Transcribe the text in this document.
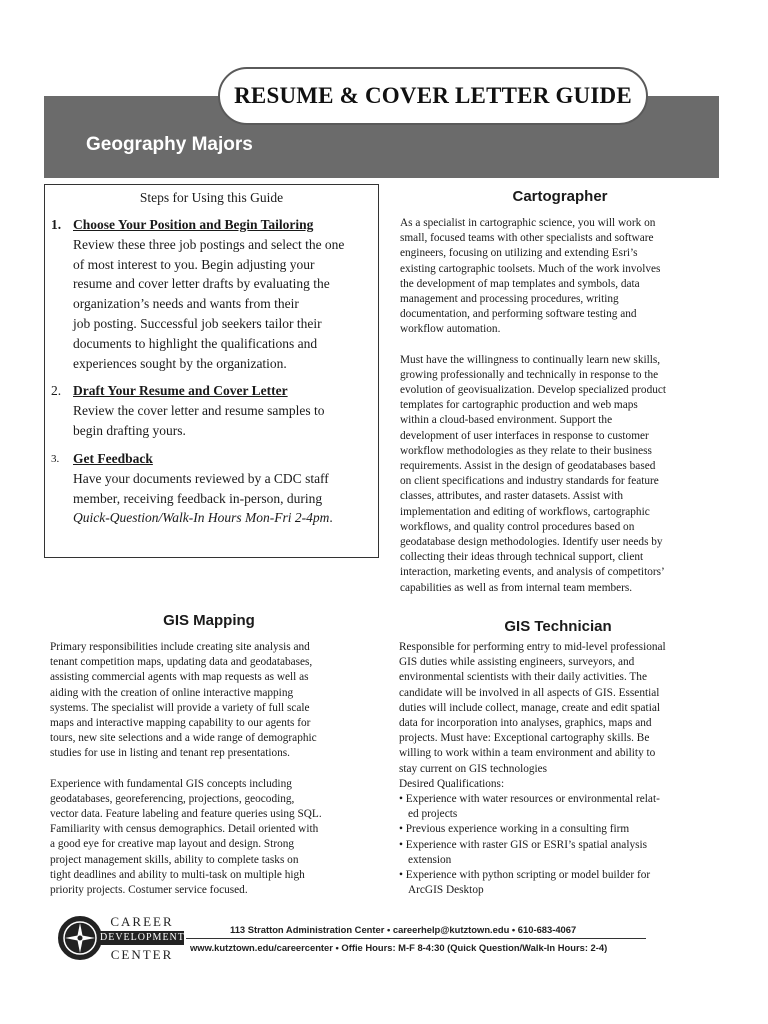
RESUME & COVER LETTER GUIDE
Geography Majors
Steps for Using this Guide
1. Choose Your Position and Begin Tailoring
Review these three job postings and select the one
of most interest to you. Begin adjusting your
resume and cover letter drafts by evaluating the
organization’s needs and wants from their
job posting. Successful job seekers tailor their
documents to highlight the qualifications and
experiences sought by the organization.
2. Draft Your Resume and Cover Letter
Review the cover letter and resume samples to
begin drafting yours.
3. Get Feedback
Have your documents reviewed by a CDC staff
member, receiving feedback in-person, during
Quick-Question/Walk-In Hours Mon-Fri 2-4pm.
Cartographer

As a specialist in cartographic science, you will work on
small, focused teams with other specialists and software
engineers, focusing on utilizing and extending Esri’s
existing cartographic toolsets. Much of the work involves
the development of map templates and symbols, data
management and processing procedures, writing
documentation, and performing software testing and
workflow automation.

Must have the willingness to continually learn new skills,
growing professionally and technically in response to the
evolution of geovisualization. Develop specialized product
templates for cartographic production and web maps
within a cloud-based environment. Support the
development of user interfaces in response to customer
workflow methodologies as they relate to their business
requirements. Assist in the design of geodatabases based
on client specifications and industry standards for feature
classes, attributes, and raster datasets. Assist with
implementation and editing of workflows, cartographic
workflows, and quality control procedures based on
geodatabase design methodologies. Identify user needs by
collecting their ideas through technical support, client
interaction, marketing events, and analysis of competitors’
capabilities as well as from internal team members.

GIS Mapping

Primary responsibilities include creating site analysis and
tenant competition maps, updating data and geodatabases,
assisting commercial agents with map requests as well as
aiding with the creation of online interactive mapping
systems. The specialist will provide a variety of full scale
maps and interactive mapping capability to our agents for
tours, new site selections and a wide range of demographic
studies for use in listing and tenant rep presentations.

Experience with fundamental GIS concepts including
geodatabases, georeferencing, projections, geocoding,
vector data. Feature labeling and feature queries using SQL.
Familiarity with census demographics. Detail oriented with
a good eye for creative map layout and design. Strong
project management skills, ability to complete tasks on
tight deadlines and ability to multi-task on multiple high
priority projects. Costumer service focused.

GIS Technician

Responsible for performing entry to mid-level professional
GIS duties while assisting engineers, surveyors, and
environmental scientists with their daily activities. The
candidate will be involved in all aspects of GIS. Essential
duties will include collect, manage, create and edit spatial
data for incorporation into analyses, graphics, maps and
projects. Must have: Exceptional cartography skills. Be
willing to work within a team environment and ability to
stay current on GIS technologies
Desired Qualifications:

• Experience with water resources or environmental relat-
ed projects
• Previous experience working in a consulting firm
• Experience with raster GIS or ESRI’s spatial analysis
extension
• Experience with python scripting or model builder for
ArcGIS Desktop
CAREER
DEVELOPMENT
CENTER
113 Stratton Administration Center • careerhelp@kutztown.edu • 610-683-4067
www.kutztown.edu/careercenter • Offie Hours: M-F 8-4:30 (Quick Question/Walk-In Hours: 2-4)
